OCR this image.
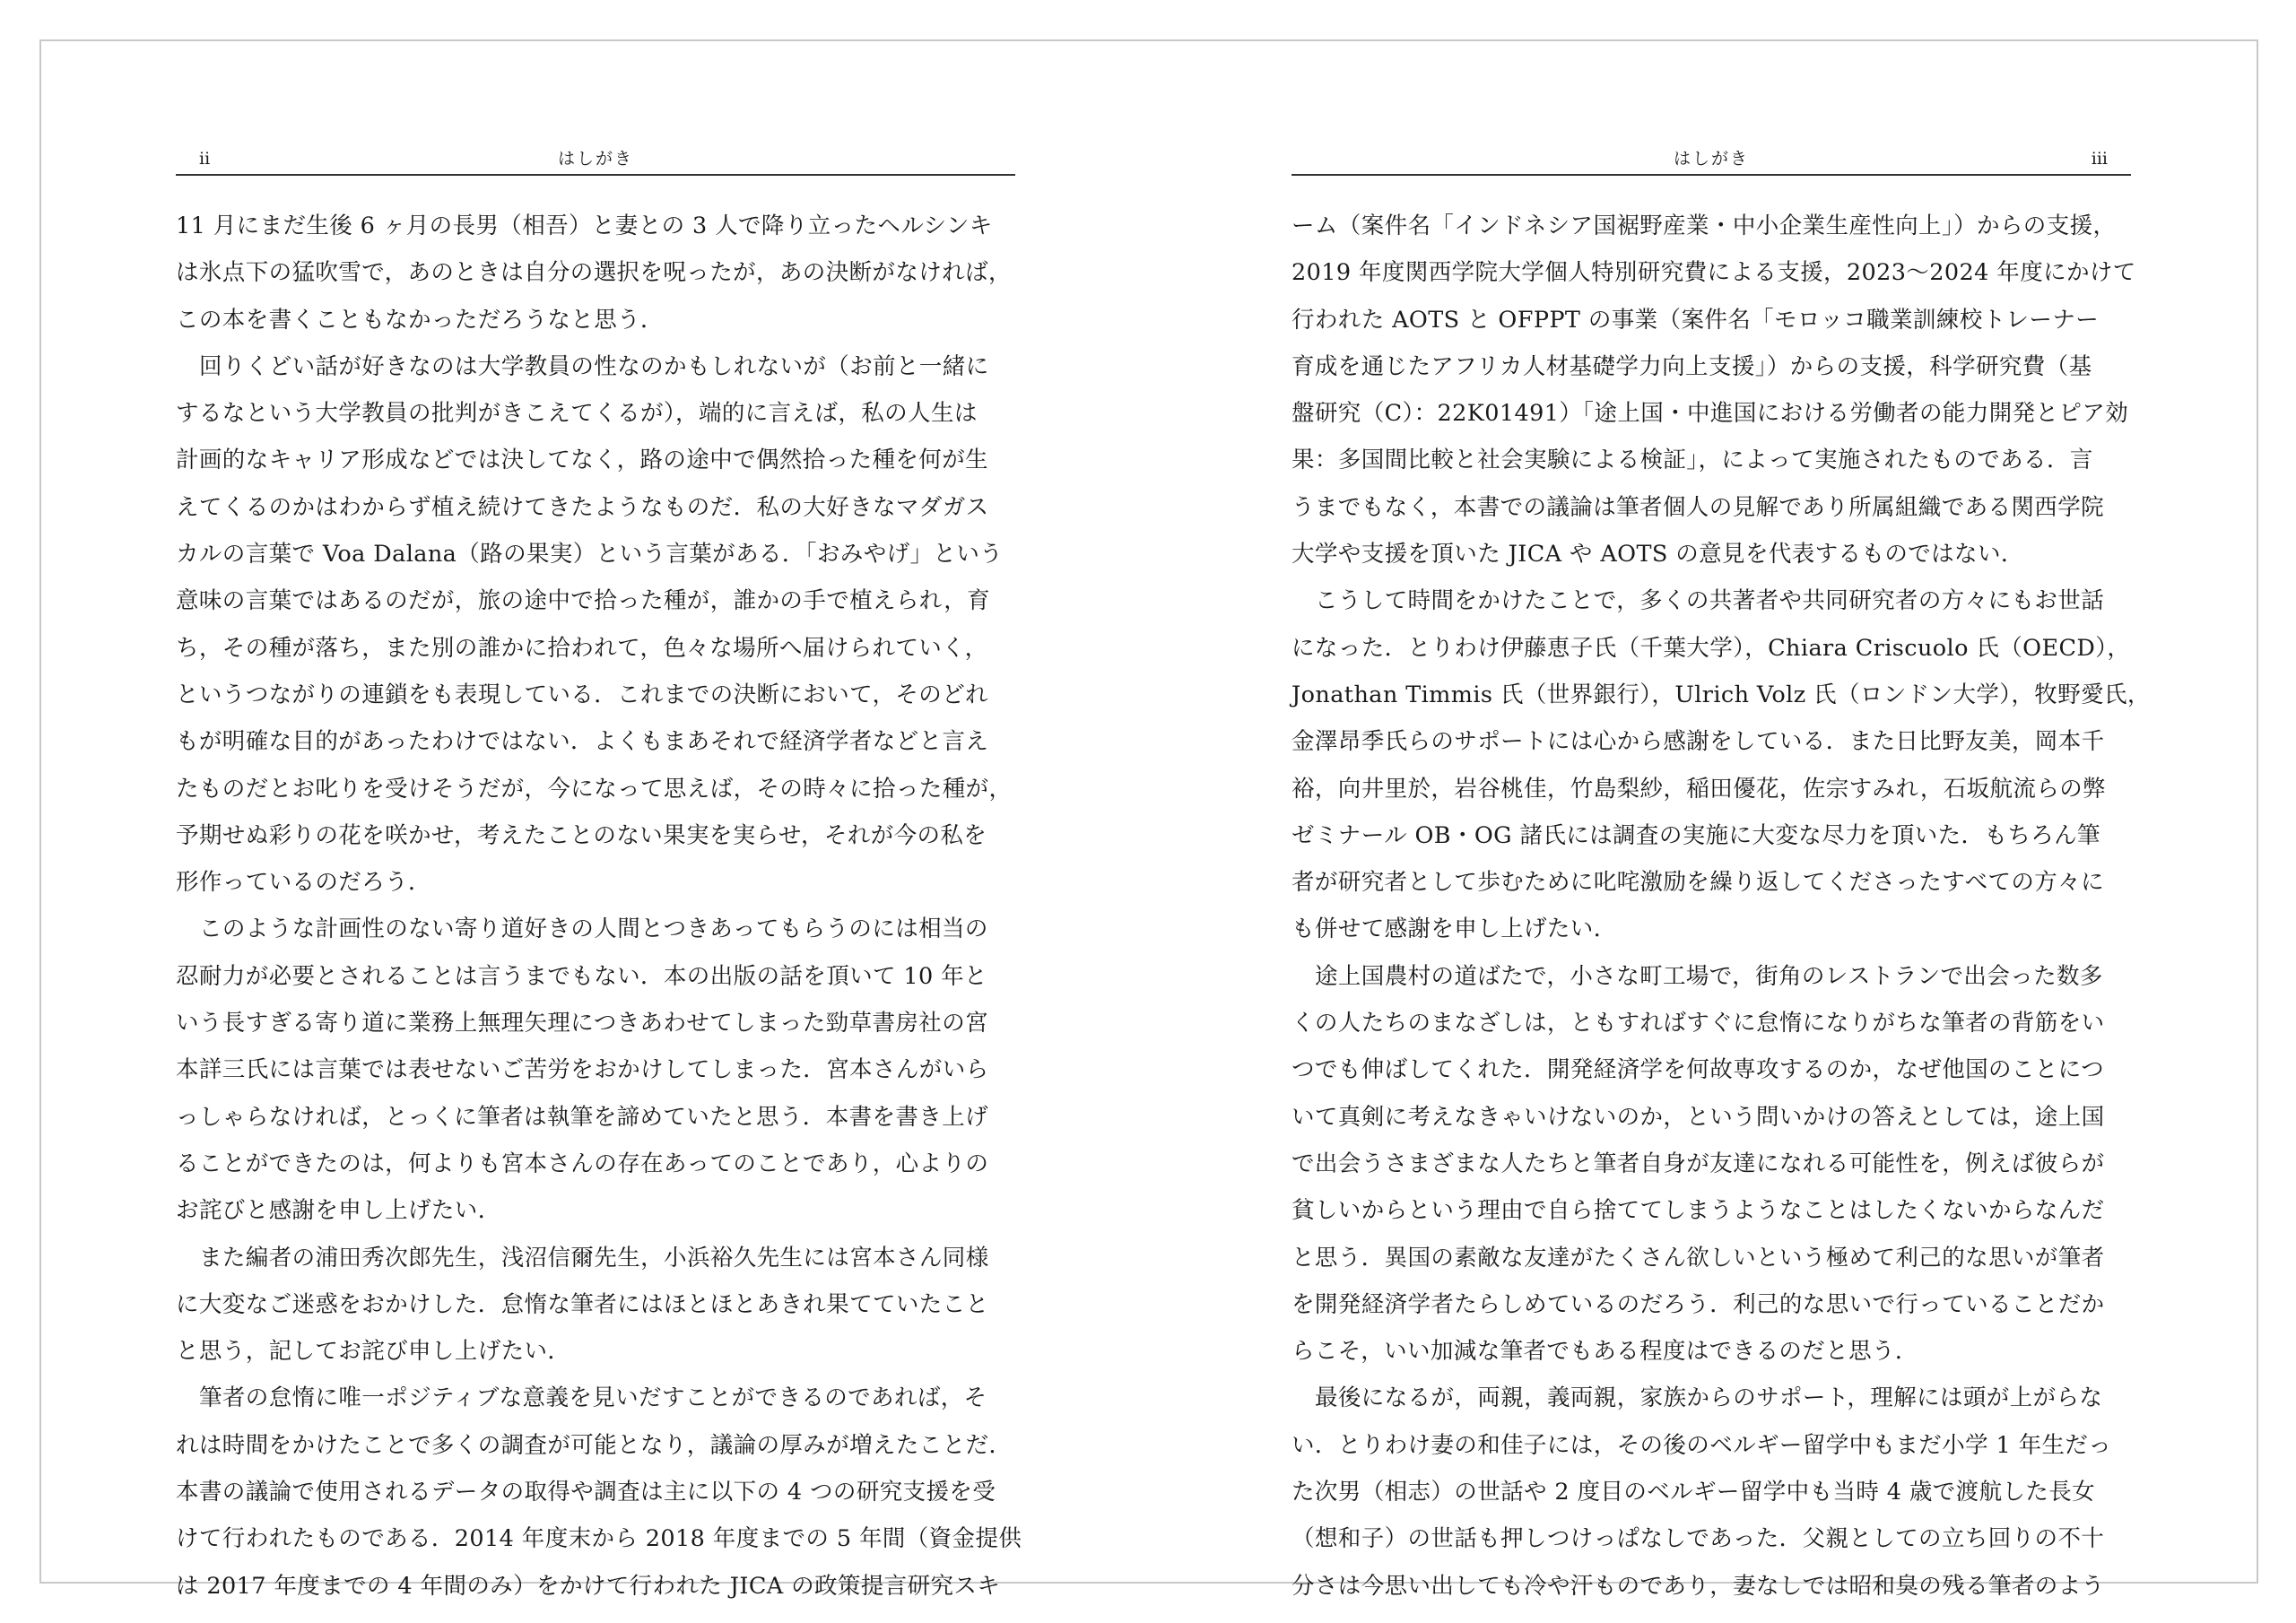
ii	はしがき
11 月にまだ生後 6 ヶ月の長男（相吾）と妻との 3 人で降り立ったヘルシンキ
は氷点下の猛吹雪で，あのときは自分の選択を呪ったが，あの決断がなければ，
この本を書くこともなかっただろうなと思う．
回りくどい話が好きなのは大学教員の性なのかもしれないが（お前と一緒に
するなという大学教員の批判がきこえてくるが），端的に言えば，私の人生は
計画的なキャリア形成などでは決してなく，路の途中で偶然拾った種を何が生
えてくるのかはわからず植え続けてきたようなものだ．私の大好きなマダガス
カルの言葉で Voa Dalana（路の果実）という言葉がある．「おみやげ」という
意味の言葉ではあるのだが，旅の途中で拾った種が，誰かの手で植えられ，育
ち，その種が落ち，また別の誰かに拾われて，色々な場所へ届けられていく，
というつながりの連鎖をも表現している．これまでの決断において，そのどれ
もが明確な目的があったわけではない．よくもまあそれで経済学者などと言え
たものだとお叱りを受けそうだが，今になって思えば，その時々に拾った種が，
予期せぬ彩りの花を咲かせ，考えたことのない果実を実らせ，それが今の私を
形作っているのだろう．
このような計画性のない寄り道好きの人間とつきあってもらうのには相当の
忍耐力が必要とされることは言うまでもない．本の出版の話を頂いて 10 年と
いう長すぎる寄り道に業務上無理矢理につきあわせてしまった勁草書房社の宮
本詳三氏には言葉では表せないご苦労をおかけしてしまった．宮本さんがいら
っしゃらなければ，とっくに筆者は執筆を諦めていたと思う．本書を書き上げ
ることができたのは，何よりも宮本さんの存在あってのことであり，心よりの
お詫びと感謝を申し上げたい．
また編者の浦田秀次郎先生，浅沼信爾先生，小浜裕久先生には宮本さん同様
に大変なご迷惑をおかけした．怠惰な筆者にはほとほとあきれ果てていたこと
と思う，記してお詫び申し上げたい．
筆者の怠惰に唯一ポジティブな意義を見いだすことができるのであれば，そ
れは時間をかけたことで多くの調査が可能となり，議論の厚みが増えたことだ．
本書の議論で使用されるデータの取得や調査は主に以下の 4 つの研究支援を受
けて行われたものである．2014 年度末から 2018 年度までの 5 年間（資金提供
は 2017 年度までの 4 年間のみ）をかけて行われた JICA の政策提言研究スキ
はしがき	iii
ーム（案件名「インドネシア国裾野産業・中小企業生産性向上」）からの支援，
2019 年度関西学院大学個人特別研究費による支援，2023～2024 年度にかけて
行われた AOTS と OFPPT の事業（案件名「モロッコ職業訓練校トレーナー
育成を通じたアフリカ人材基礎学力向上支援」）からの支援，科学研究費（基
盤研究（C）：22K01491）「途上国・中進国における労働者の能力開発とピア効
果：多国間比較と社会実験による検証」，によって実施されたものである．言
うまでもなく，本書での議論は筆者個人の見解であり所属組織である関西学院
大学や支援を頂いた JICA や AOTS の意見を代表するものではない．
こうして時間をかけたことで，多くの共著者や共同研究者の方々にもお世話
になった．とりわけ伊藤恵子氏（千葉大学），Chiara Criscuolo 氏（OECD），
Jonathan Timmis 氏（世界銀行），Ulrich Volz 氏（ロンドン大学），牧野愛氏，
金澤昂季氏らのサポートには心から感謝をしている．また日比野友美，岡本千
裕，向井里於，岩谷桃佳，竹島梨紗，稲田優花，佐宗すみれ，石坂航流らの弊
ゼミナール OB・OG 諸氏には調査の実施に大変な尽力を頂いた．もちろん筆
者が研究者として歩むために叱咤激励を繰り返してくださったすべての方々に
も併せて感謝を申し上げたい．
途上国農村の道ばたで，小さな町工場で，街角のレストランで出会った数多
くの人たちのまなざしは，ともすればすぐに怠惰になりがちな筆者の背筋をい
つでも伸ばしてくれた．開発経済学を何故専攻するのか，なぜ他国のことにつ
いて真剣に考えなきゃいけないのか，という問いかけの答えとしては，途上国
で出会うさまざまな人たちと筆者自身が友達になれる可能性を，例えば彼らが
貧しいからという理由で自ら捨ててしまうようなことはしたくないからなんだ
と思う．異国の素敵な友達がたくさん欲しいという極めて利己的な思いが筆者
を開発経済学者たらしめているのだろう．利己的な思いで行っていることだか
らこそ，いい加減な筆者でもある程度はできるのだと思う．
最後になるが，両親，義両親，家族からのサポート，理解には頭が上がらな
い．とりわけ妻の和佳子には，その後のベルギー留学中もまだ小学 1 年生だっ
た次男（相志）の世話や 2 度目のベルギー留学中も当時 4 歳で渡航した長女
（想和子）の世話も押しつけっぱなしであった．父親としての立ち回りの不十
分さは今思い出しても冷や汗ものであり，妻なしでは昭和臭の残る筆者のよう
